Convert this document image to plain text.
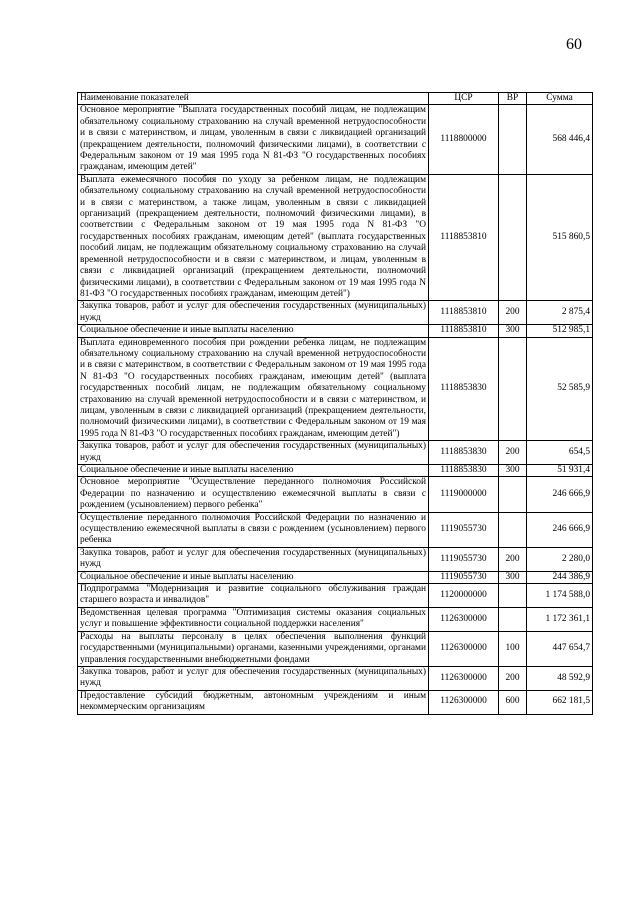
60
Наименование показателей	ЦСР	ВР	Сумма
Основное мероприятие "Выплата государственных пособий лицам, не подлежащим обязательному социальному страхованию на случай временной нетрудоспособности и в связи с материнством, и лицам, уволенным в связи с ликвидацией организаций (прекращением деятельности, полномочий физическими лицами), в соответствии с Федеральным законом от 19 мая 1995 года N 81-ФЗ "О государственных пособиях гражданам, имеющим детей"	1118800000		568 446,4
Выплата ежемесячного пособия по уходу за ребенком лицам, не подлежащим обязательному социальному страхованию на случай временной нетрудоспособности и в связи с материнством, а также лицам, уволенным в связи с ликвидацией организаций (прекращением деятельности, полномочий физическими лицами), в соответствии с Федеральным законом от 19 мая 1995 года N 81-ФЗ "О государственных пособиях гражданам, имеющим детей" (выплата государственных пособий лицам, не подлежащим обязательному социальному страхованию на случай временной нетрудоспособности и в связи с материнством, и лицам, уволенным в связи с ликвидацией организаций (прекращением деятельности, полномочий физическими лицами), в соответствии с Федеральным законом от 19 мая 1995 года N 81-ФЗ "О государственных пособиях гражданам, имеющим детей")	1118853810		515 860,5
Закупка товаров, работ и услуг для обеспечения государственных (муниципальных) нужд	1118853810	200	2 875,4
Социальное обеспечение и иные выплаты населению	1118853810	300	512 985,1
Выплата единовременного пособия при рождении ребенка лицам, не подлежащим обязательному социальному страхованию на случай временной нетрудоспособности и в связи с материнством, в соответствии с Федеральным законом от 19 мая 1995 года N 81-ФЗ "О государственных пособиях гражданам, имеющим детей" (выплата государственных пособий лицам, не подлежащим обязательному социальному страхованию на случай временной нетрудоспособности и в связи с материнством, и лицам, уволенным в связи с ликвидацией организаций (прекращением деятельности, полномочий физическими лицами), в соответствии с Федеральным законом от 19 мая 1995 года N 81-ФЗ "О государственных пособиях гражданам, имеющим детей")	1118853830		52 585,9
Закупка товаров, работ и услуг для обеспечения государственных (муниципальных) нужд	1118853830	200	654,5
Социальное обеспечение и иные выплаты населению	1118853830	300	51 931,4
Основное мероприятие "Осуществление переданного полномочия Российской Федерации по назначению и осуществлению ежемесячной выплаты в связи с рождением (усыновлением) первого ребенка"	1119000000		246 666,9
Осуществление переданного полномочия Российской Федерации по назначению и осуществлению ежемесячной выплаты в связи с рождением (усыновлением) первого ребенка	1119055730		246 666,9
Закупка товаров, работ и услуг для обеспечения государственных (муниципальных) нужд	1119055730	200	2 280,0
Социальное обеспечение и иные выплаты населению	1119055730	300	244 386,9
Подпрограмма "Модернизация и развитие социального обслуживания граждан старшего возраста и инвалидов"	1120000000		1 174 588,0
Ведомственная целевая программа "Оптимизация системы оказания социальных услуг и повышение эффективности социальной поддержки населения"	1126300000		1 172 361,1
Расходы на выплаты персоналу в целях обеспечения выполнения функций государственными (муниципальными) органами, казенными учреждениями, органами управления государственными внебюджетными фондами	1126300000	100	447 654,7
Закупка товаров, работ и услуг для обеспечения государственных (муниципальных) нужд	1126300000	200	48 592,9
Предоставление субсидий бюджетным, автономным учреждениям и иным некоммерческим организациям	1126300000	600	662 181,5
